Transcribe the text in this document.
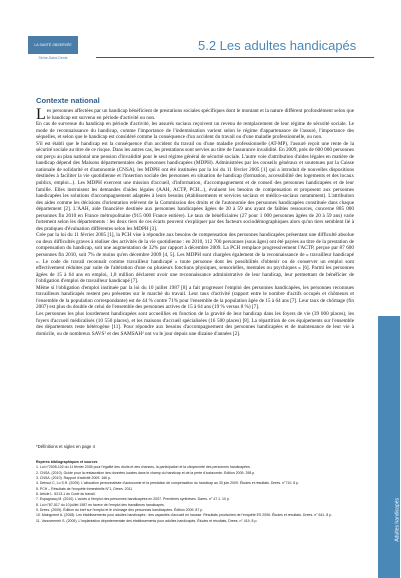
LA SANTÉ OBSERVÉE
Seine-Saint-Denis
5.2 Les adultes handicapés
Contexte national

Les personnes affectées par un handicap bénéficient de prestations sociales spécifiques dont le montant et la nature diffèrent profondément selon que le handicap est survenu en période d'activité ou non.

En cas de survenue du handicap en période d'activité, les assurés sociaux reçoivent un revenu de remplacement de leur régime de sécurité sociale. Le mode de reconnaissance du handicap, comme l'importance de l'indemnisation varient selon le régime d'appartenance de l'assuré, l'importance des séquelles, et selon que le handicap est considéré comme la conséquence d'un accident du travail ou d'une maladie professionnelle, ou non.

S'il est établi que le handicap est la conséquence d'un accident du travail ou d'une maladie professionnelle (AT-MP), l'assuré reçoit une rente de la sécurité sociale au titre de ce risque. Dans les autres cas, les prestations sont servies au titre de l'assurance invalidité. En 2009, près de 600 000 personnes ont perçu au plan national une pension d'invalidité pour le seul régime général de sécurité sociale. L'autre voie d'attribution d'aides légales en matière de handicap dépend des Maisons départementales des personnes handicapées (MDPH). Administrées par les conseils généraux et soutenues par la Caisse nationale de solidarité et d'autonomie (CNSA), les MDPH ont été instituées par la loi du 11 février 2005 [1] qui a introduit de nouvelles dispositions destinées à faciliter la vie quotidienne et l'insertion sociale des personnes en situation de handicap (formation, accessibilité des logements et des locaux publics, emploi...). Les MDPH exercent une mission d'accueil, d'information, d'accompagnement et de conseil des personnes handicapées et de leur famille. Elles instruisent les demandes d'aides légales (AAH, ACTP, PCH...), évaluent les besoins de compensation et proposent aux personnes handicapées les solutions d'accompagnement adaptées à leurs besoins (établissements et services sociaux et médico-sociaux notamment). L'attribution des aides comme les décisions d'orientation relèvent de la Commission des droits et de l'autonomie des personnes handicapées constituée dans chaque département [2]. L'AAH, aide financière destinée aux personnes handicapées âgées de 20 à 59 ans ayant de faibles ressources, concerne 885 000 personnes fin 2010 en France métropolitaine (915 000 France entière). Le taux de bénéficiaires (27 pour 1 000 personnes âgées de 20 à 59 ans) varie fortement selon les départements : les deux tiers de ces écarts peuvent s'expliquer par des facteurs sociodémographiques alors qu'un tiers semblent lié à des pratiques d'évaluation différentes selon les MDPH [3].

Crée par la loi du 11 février 2005 [1], la PCH vise à répondre aux besoins de compensation des personnes handicapées présentant une difficulté absolue ou deux difficultés graves à réaliser des activités de la vie quotidienne : en 2010, 112 700 personnes (sous âges) ont été payées au titre de la prestation de compensation du handicap, soit une augmentation de 32% par rapport à décembre 2009. La PCH remplace progressivement l'ACTP, perçue par 87 600 personnes fin 2010, soit 7% de moins qu'en décembre 2009 [4, 5]. Les MDPH sont chargées également de la reconnaissance de « travailleur handicapé ». Le code du travail reconnaît comme travailleur handicapé « toute personne dont les possibilités d'obtenir ou de conserver un emploi sont effectivement réduites par suite de l'altération d'une ou plusieurs fonctions physiques, sensorielles, mentales ou psychiques » [6]. Parmi les personnes âgées de 15 à 64 ans en emploi, 1,8 million déclarent avoir une reconnaissance administrative de leur handicap, leur permettant de bénéficier de l'obligation d'emploi de travailleur handicapé [7].

Même si l'obligation d'emploi instituée par la loi du 10 juillet 1987 [8] a fait progresser l'emploi des personnes handicapées, les personnes reconnues travailleurs handicapés restent peu présentes sur le marché du travail. Leur taux d'activité (rapport entre le nombre d'actifs occupés et chômeurs et l'ensemble de la population correspondante) est de 44 % contre 71% pour l'ensemble de la population âgée de 15 à 64 ans [7]. Leur taux de chômage (fin 2007) est plus du double de celui de l'ensemble des personnes actives de 15 à 64 ans (19 % versus 8 %) [7].

Les personnes les plus lourdement handicapées sont accueillies en fonction de la gravité de leur handicap dans les foyers de vie (39 000 places), les foyers d'accueil médicalisés (10 550 places), et les maisons d'accueil spécialisées (16 500 places) [8]. La répartition de ces équipements sur l'ensemble des départements reste hétérogène [11]. Pour répondre aux besoins d'accompagnement des personnes handicapées et de maintenance de leur vie à domicile, ou de nombreux SAVS¹ et des SAMSAH² ont vu le jour depuis une dizaine d'années [2].

*Définitions et sigles en page 4
Repères bibliographiques et sources
1. Loi n°2005-102 du 11 février 2005 pour l'égalité des droits et des chances, la participation et la citoyenneté des personnes handicapées.
2. CNSA. (2010). Guide pour la restauration des données locales dans le champ du handicap et de la perte d'autonomie. Edition 2009. 298 p.
3. CNSA. (2010). Rapport d'activité 2009. 166 p.
4. Debout C, Lo S.H. (2009). L'allocation personnalisée d'autonomie et la prestation de compensation du handicap au 30 juin 2009. Études et résultats. Drees. n°710. 8 p.
5. PCH – Résultats de l'enquête trimestrielle N°1, Drees. 2011
6. Article L. 5213-1 du Code du travail.
7. Espagnacq M. (2010). L'accès à l'emploi des personnes handicapées en 2007. Premières synthèses. Dares. n° 47.1. 10 p.
8. Loi n°87-517 du 10 juillet 1987 en faveur de l'emploi des travailleurs handicapés.
9. Drees. (2009). Édition du bref sur l'emploi et le chômage des personnes handicapées. Édition 2009. 87 p.
10. Mainguené A. (2008). Les établissements pour adultes handicapés : des capacités d'accueil en hausse. Résultats provisoires de l'enquête ES 2006. Études et résultats. Drees. n° 641. 8 p.
11. Vanovermeir S. (2009). L'implantation départementale des établissements pour adultes handicapés. Études et résultats. Drees. n° 419. 8 p.	Adultes handicapés
